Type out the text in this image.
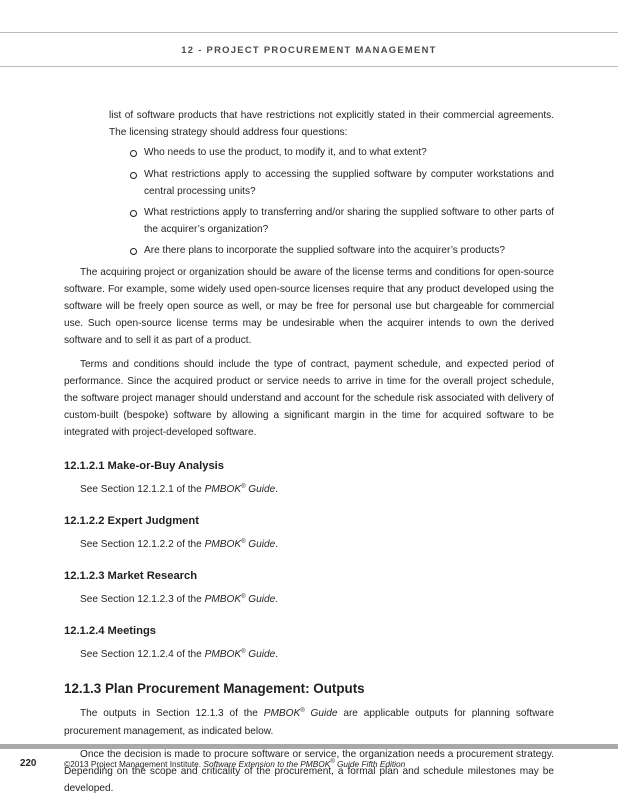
12 - PROJECT PROCUREMENT MANAGEMENT

list of software products that have restrictions not explicitly stated in their commercial agreements. The licensing strategy should address four questions:

Who needs to use the product, to modify it, and to what extent?
What restrictions apply to accessing the supplied software by computer workstations and central processing units?
What restrictions apply to transferring and/or sharing the supplied software to other parts of the acquirer’s organization?
Are there plans to incorporate the supplied software into the acquirer’s products?

The acquiring project or organization should be aware of the license terms and conditions for open-source software. For example, some widely used open-source licenses require that any product developed using the software will be freely open source as well, or may be free for personal use but chargeable for commercial use. Such open-source license terms may be undesirable when the acquirer intends to own the derived software and to sell it as part of a product.

Terms and conditions should include the type of contract, payment schedule, and expected period of performance. Since the acquired product or service needs to arrive in time for the overall project schedule, the software project manager should understand and account for the schedule risk associated with delivery of custom-built (bespoke) software by allowing a significant margin in the time for acquired software to be integrated with project-developed software.

12.1.2.1 Make-or-Buy Analysis

See Section 12.1.2.1 of the PMBOK® Guide.

12.1.2.2 Expert Judgment

See Section 12.1.2.2 of the PMBOK® Guide.

12.1.2.3 Market Research

See Section 12.1.2.3 of the PMBOK® Guide.

12.1.2.4 Meetings

See Section 12.1.2.4 of the PMBOK® Guide.

12.1.3 Plan Procurement Management: Outputs

The outputs in Section 12.1.3 of the PMBOK® Guide are applicable outputs for planning software procurement management, as indicated below.

Once the decision is made to procure software or service, the organization needs a procurement strategy. Depending on the scope and criticality of the procurement, a formal plan and schedule milestones may be developed.

220	©2013 Project Management Institute. Software Extension to the PMBOK® Guide Fifth Edition
